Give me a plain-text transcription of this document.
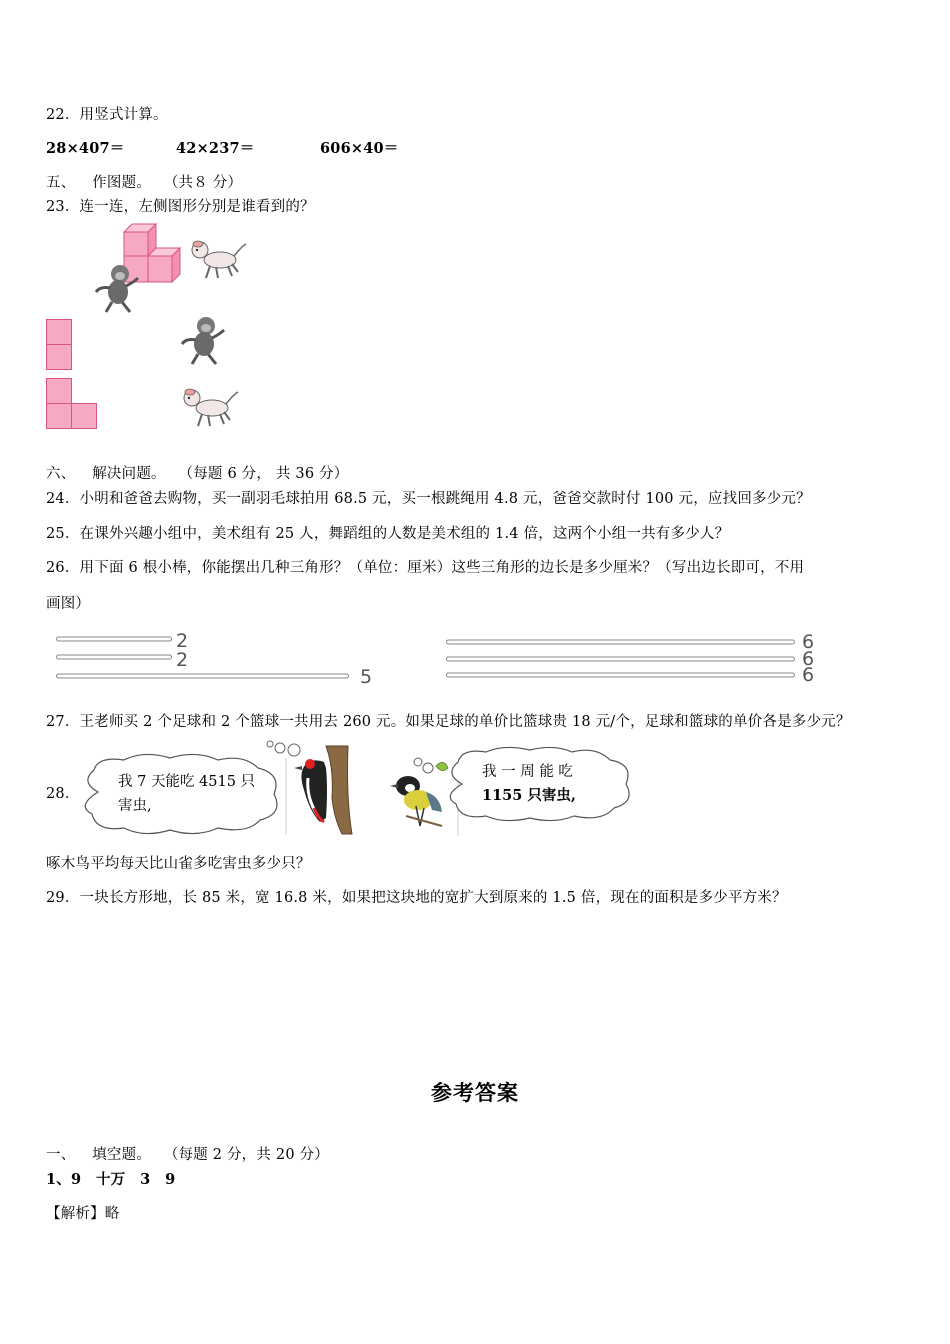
22．用竖式计算。
28×407＝	42×237＝	606×40＝
五、 作图题。 （共８ 分）
23．连一连，左侧图形分别是谁看到的？
六、 解决问题。 （每题 6 分， 共 36 分）
24．小明和爸爸去购物，买一副羽毛球拍用 68.5 元，买一根跳绳用 4.8 元，爸爸交款时付 100 元，应找回多少元？
25．在课外兴趣小组中，美术组有 25 人，舞蹈组的人数是美术组的 1.4 倍，这两个小组一共有多少人？
26．用下面 6 根小棒，你能摆出几种三角形？（单位：厘米）这些三角形的边长是多少厘米？（写出边长即可，不用
画图）
2
2
5
6
6
6
27．王老师买 2 个足球和 2 个篮球一共用去 260 元。如果足球的单价比篮球贵 18 元/个，足球和篮球的单价各是多少元？
28．
我 7 天能吃 4515 只
害虫,
我 一 周 能 吃
1155 只害虫,
啄木鸟平均每天比山雀多吃害虫多少只？
29．一块长方形地，长 85 米，宽 16.8 米，如果把这块地的宽扩大到原来的 1.5 倍，现在的面积是多少平方米？
参考答案
一、 填空题。 （每题 2 分，共 20 分）
1、9　十万　3　9
【解析】略
